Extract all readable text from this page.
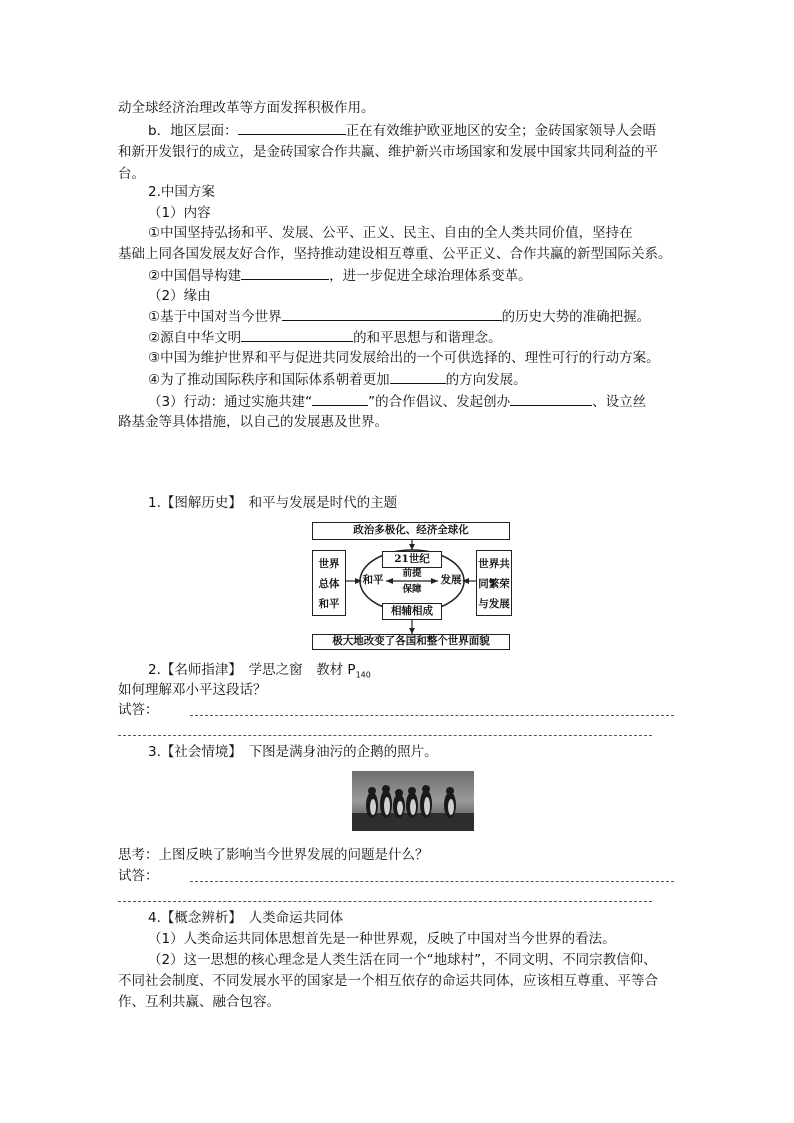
动全球经济治理改革等方面发挥积极作用。
b．地区层面：	正在有效维护欧亚地区的安全；金砖国家领导人会晤
和新开发银行的成立，是金砖国家合作共赢、维护新兴市场国家和发展中国家共同利益的平
台。
2.中国方案
（1）内容
①中国坚持弘扬和平、发展、公平、正义、民主、自由的全人类共同价值，坚持在
基础上同各国发展友好合作，坚持推动建设相互尊重、公平正义、合作共赢的新型国际关系。
②中国倡导构建	，进一步促进全球治理体系变革。
（2）缘由
①基于中国对当今世界	的历史大势的准确把握。
②源自中华文明	的和平思想与和谐理念。
③中国为维护世界和平与促进共同发展给出的一个可供选择的、理性可行的行动方案。
④为了推动国际秩序和国际体系朝着更加	的方向发展。
（3）行动：通过实施共建“	”的合作倡议、发起创办	、设立丝
路基金等具体措施，以自己的发展惠及世界。
1.【图解历史】　和平与发展是时代的主题
政治多极化、经济全球化
世界
总体
和平
世界共
同繁荣
与发展
21世纪
相辅相成
和平	发展
前提
保障
极大地改变了各国和整个世界面貌
2.【名师指津】　学思之窗　教材 $P_{140}$
如何理解邓小平这段话？
试答：
3.【社会情境】　下图是满身油污的企鹅的照片。
思考：上图反映了影响当今世界发展的问题是什么？
试答：
4.【概念辨析】　人类命运共同体
（1）人类命运共同体思想首先是一种世界观，反映了中国对当今世界的看法。
（2）这一思想的核心理念是人类生活在同一个“地球村”，不同文明、不同宗教信仰、
不同社会制度、不同发展水平的国家是一个相互依存的命运共同体，应该相互尊重、平等合
作、互利共赢、融合包容。
